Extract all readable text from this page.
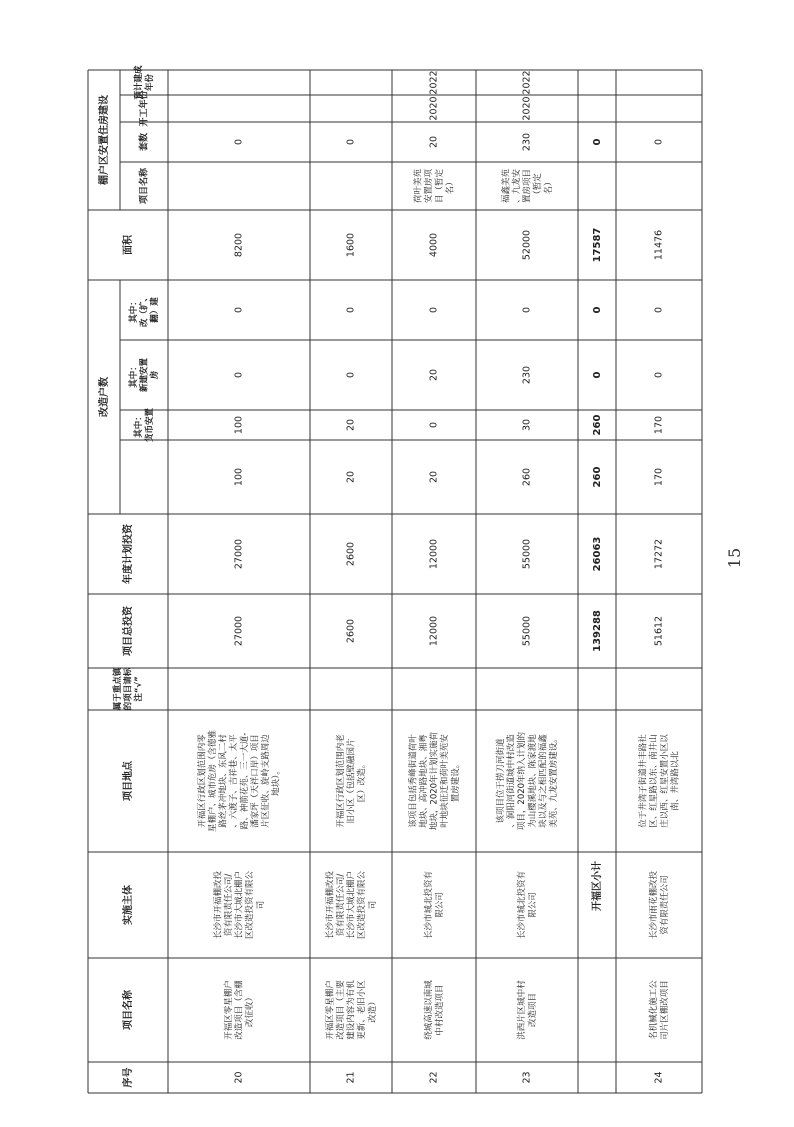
序号
项目名称
实施主体
项目地点
属于重点镇 的项目请标 注“√”
项目总投资
年度计划投资
改造户数
其中： 货币安置
其中： 新建安置 房
其中： 改（扩、 翻）建
面积
棚户区安置住房建设
项目名称
套数
开工年份
预计建成 年份
20
开福区零星棚户 改造项目（含棚 改征收）
长沙市开福棚改投 资有限责任公司/ 长沙市大城北棚户 区改造投资有限公 司
开福区行政区划范围内零 星棚户、城市危房（含德雅 路丝茅冲地块、东风二村 、六渡子、吉祥巷、太平 路、神箭花苑、三一大道- 潘家坪（天祥口岸）项目 片区征收、旋岭支路周边 地块）。
27000
27000
100
100
0
0
8200
0
21
开福区零星棚户 改造项目（主要 建设内容为有机 更新、老旧小区 改造）
长沙市开福棚改投 资有限责任公司/ 长沙市大城北棚户 区改造投资有限公 司
开福区行政区划范围内老 旧小区（包括壁融园片 区）改造。
2600
2600
20
20
0
0
1600
0
22
绕城高速以南城 中村改造项目
长沙市城北投资有 限公司
该项目包括秀峰街道荷叶 地块、高冲路地块、湘粤 地块，2020年计划实施荷 叶地块征迁和荷叶美苑安 置房建设。
12000
12000
20
0
20
0
4000
荷叶美苑 安置房项 目（暂定 名）
20
2020
2022
23
洪西片区城中村 改造项目
长沙市城北投资有 限公司
该项目位于捞刀河街道 、洞阳河街道城中村改造 项目，2020年纳入计划的 为山樱溪地块、陈家渡地 块以及与之相匹配的福鑫 美苑、九龙安置房建设。
55000
55000
260
30
230
0
52000
福鑫美苑 、九龙安 置房项目 （暂定 名）
230
2020
2022
开福区小计
139288
26063
260
260
0
0
17587
0
24
名机械化施工公 司片区棚改项目
长沙市雨花棚改投 资有限责任公司
位于井湾子街道井丰路社 区、红星路以东、南井山 庄以西、红星安置小区以 南、井湾路以北
51612
17272
170
170
0
0
11476
0
15
